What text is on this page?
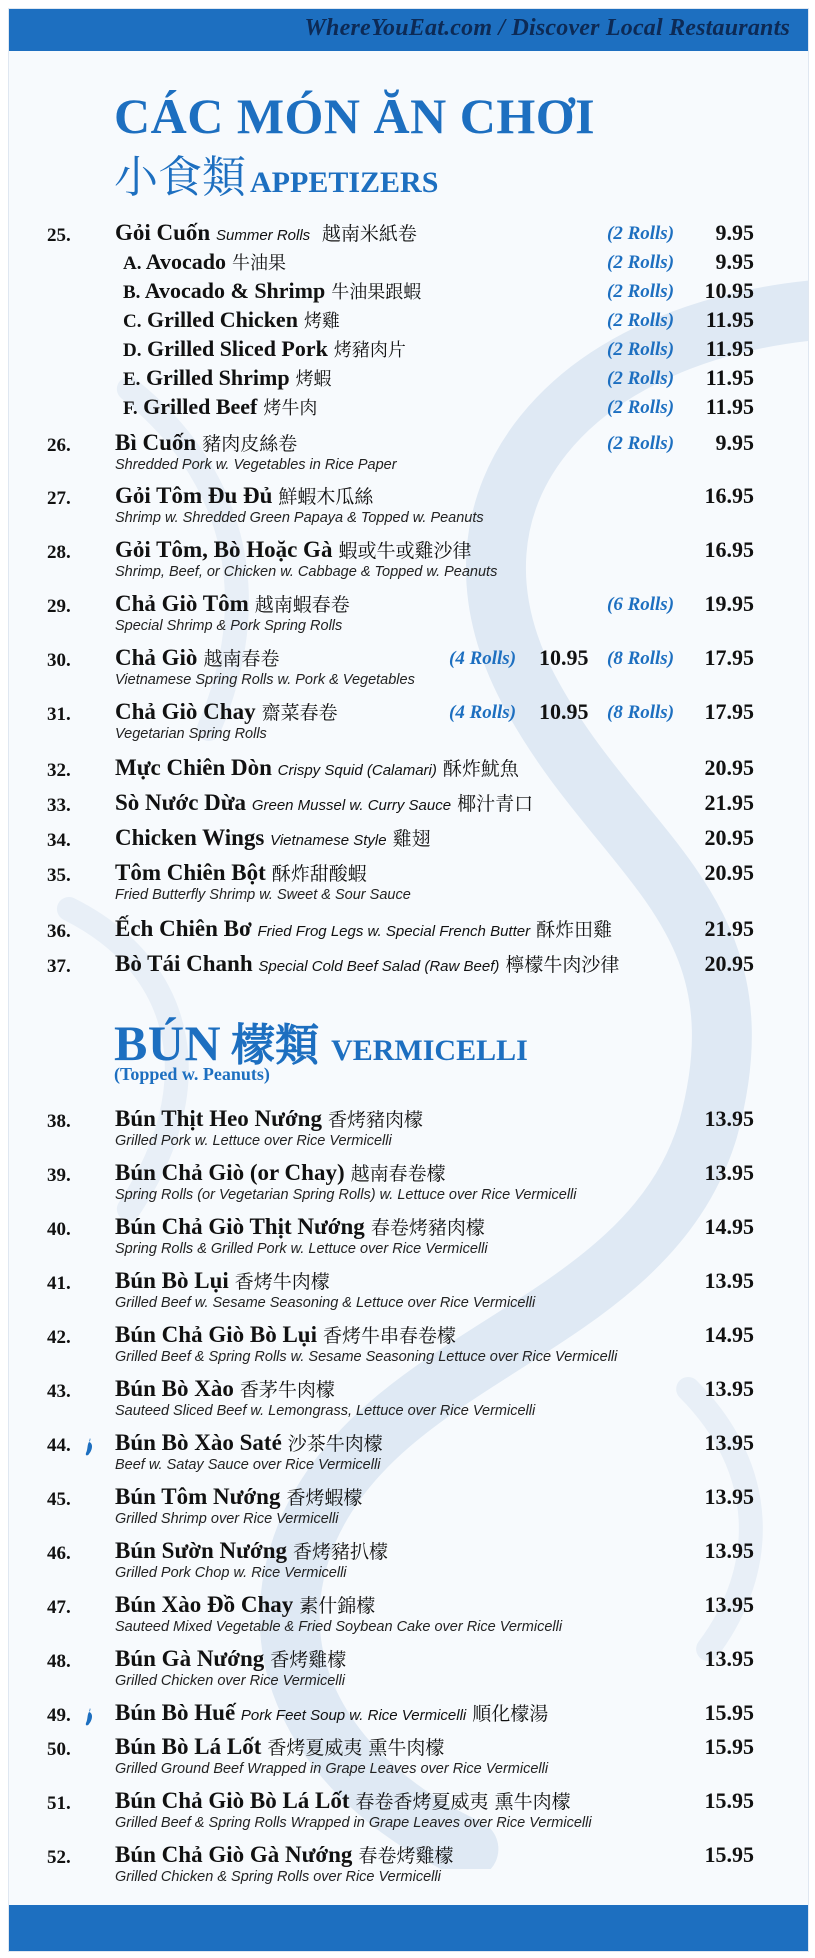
WhereYouEat.com / Discover Local Restaurants
CÁC MÓN ĂN CHƠI
小食類 APPETIZERS
25. Gỏi Cuốn Summer Rolls 越南米紙卷	(2 Rolls) 9.95
A. Avocado 牛油果	(2 Rolls) 9.95
B. Avocado & Shrimp 牛油果跟蝦	(2 Rolls) 10.95
C. Grilled Chicken 烤雞	(2 Rolls) 11.95
D. Grilled Sliced Pork 烤豬肉片	(2 Rolls) 11.95
E. Grilled Shrimp 烤蝦	(2 Rolls) 11.95
F. Grilled Beef 烤牛肉	(2 Rolls) 11.95
26. Bì Cuốn 豬肉皮絲卷
Shredded Pork w. Vegetables in Rice Paper
(2 Rolls) 9.95
27. Gỏi Tôm Đu Đủ 鮮蝦木瓜絲
Shrimp w. Shredded Green Papaya & Topped w. Peanuts
16.95
28. Gỏi Tôm, Bò Hoặc Gà 蝦或牛或雞沙律
Shrimp, Beef, or Chicken w. Cabbage & Topped w. Peanuts
16.95
29. Chả Giò Tôm 越南蝦春卷
Special Shrimp & Pork Spring Rolls
(6 Rolls) 19.95
30. Chả Giò 越南春卷
Vietnamese Spring Rolls w. Pork & Vegetables
(4 Rolls) 10.95 (8 Rolls) 17.95
31. Chả Giò Chay 齋菜春卷
Vegetarian Spring Rolls
(4 Rolls) 10.95 (8 Rolls) 17.95
32. Mực Chiên Dòn Crispy Squid (Calamari) 酥炸魷魚	20.95
33. Sò Nước Dừa Green Mussel w. Curry Sauce 椰汁青口	21.95
34. Chicken Wings Vietnamese Style 雞翅	20.95
35. Tôm Chiên Bột 酥炸甜酸蝦
Fried Butterfly Shrimp w. Sweet & Sour Sauce
20.95
36. Ếch Chiên Bơ Fried Frog Legs w. Special French Butter 酥炸田雞	21.95
37. Bò Tái Chanh Special Cold Beef Salad (Raw Beef) 檸檬牛肉沙律	20.95
BÚN 檬類 VERMICELLI
(Topped w. Peanuts)
38. Bún Thịt Heo Nướng 香烤豬肉檬
Grilled Pork w. Lettuce over Rice Vermicelli
13.95
39. Bún Chả Giò (or Chay) 越南春卷檬
Spring Rolls (or Vegetarian Spring Rolls) w. Lettuce over Rice Vermicelli
13.95
40. Bún Chả Giò Thịt Nướng 春卷烤豬肉檬
Spring Rolls & Grilled Pork w. Lettuce over Rice Vermicelli
14.95
41. Bún Bò Lụi 香烤牛肉檬
Grilled Beef w. Sesame Seasoning & Lettuce over Rice Vermicelli
13.95
42. Bún Chả Giò Bò Lụi 香烤牛串春卷檬
Grilled Beef & Spring Rolls w. Sesame Seasoning Lettuce over Rice Vermicelli
14.95
43. Bún Bò Xào 香茅牛肉檬
Sauteed Sliced Beef w. Lemongrass, Lettuce over Rice Vermicelli
13.95
44. Bún Bò Xào Saté 沙茶牛肉檬
Beef w. Satay Sauce over Rice Vermicelli
13.95
45. Bún Tôm Nướng 香烤蝦檬
Grilled Shrimp over Rice Vermicelli
13.95
46. Bún Sườn Nướng 香烤豬扒檬
Grilled Pork Chop w. Rice Vermicelli
13.95
47. Bún Xào Đồ Chay 素什錦檬
Sauteed Mixed Vegetable & Fried Soybean Cake over Rice Vermicelli
13.95
48. Bún Gà Nướng 香烤雞檬
Grilled Chicken over Rice Vermicelli
13.95
49. Bún Bò Huế Pork Feet Soup w. Rice Vermicelli 順化檬湯	15.95
50. Bún Bò Lá Lốt 香烤夏威夷 熏牛肉檬
Grilled Ground Beef Wrapped in Grape Leaves over Rice Vermicelli
15.95
51. Bún Chả Giò Bò Lá Lốt 春卷香烤夏威夷 熏牛肉檬
Grilled Beef & Spring Rolls Wrapped in Grape Leaves over Rice Vermicelli
15.95
52. Bún Chả Giò Gà Nướng 春卷烤雞檬
Grilled Chicken & Spring Rolls over Rice Vermicelli
15.95
